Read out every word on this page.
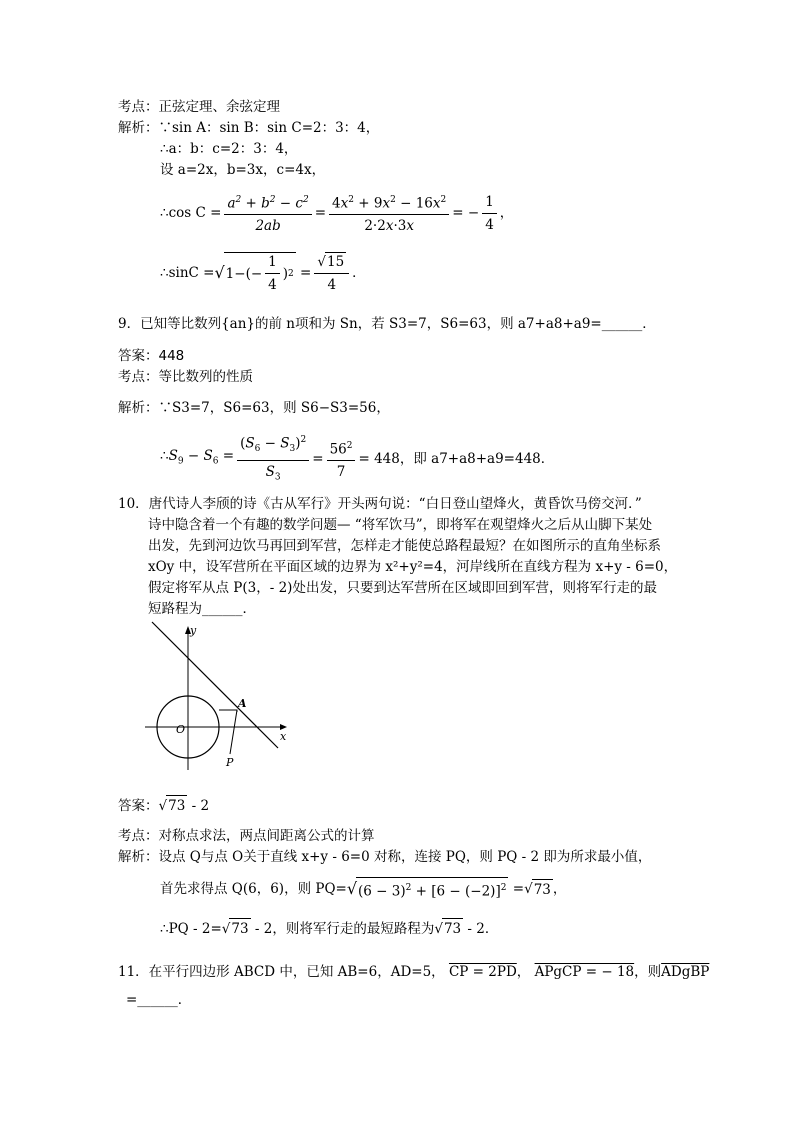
考点：正弦定理、余弦定理
解析：∵sin A：sin B：sin C=2：3：4，
∴a：b：c=2：3：4，
设 a=2x，b=3x，c=4x，
∴cos $C = \frac{a^2 + b^2 - c^2}{2ab} = \frac{4x^2 + 9x^2 - 16x^2}{2\cdot 2x\cdot 3x}$ = − $\frac{1}{4}$ ，
∴sinC = √ $1-(- \frac{1}{4}$ ) $2 = \frac{√15}{4}$ ．
9．已知等比数列{an}的前 n项和为 Sn，若 S3=7，S6=63，则 a7+a8+a9=______．
答案：448
考点：等比数列的性质
解析：∵S3=7，S6=63，则 S6−S3=56，
$\therefore S_9 - S_6 = \frac{(S_6 - S_3)^2}{S_3} = \frac{56^2}{7} = 448$，即 a7+a8+a9=448．
10．唐代诗人李颀的诗《古从军行》开头两句说：“白日登山望烽火，黄昏饮马傍交河．”
诗中隐含着一个有趣的数学问题— “将军饮马”，即将军在观望烽火之后从山脚下某处
出发，先到河边饮马再回到军营，怎样走才能使总路程最短？在如图所示的直角坐标系
xOy 中，设军营所在平面区域的边界为 x²+y²=4，河岸线所在直线方程为 x+y - 6=0，
假定将军从点 P(3，- 2)处出发，只要到达军营所在区域即回到军营，则将军行走的最
短路程为______．
y
x
O
A
P
答案：√73 - 2
考点：对称点求法，两点间距离公式的计算
解析：设点 Q与点 O关于直线 x+y - 6=0 对称，连接 PQ，则 PQ - 2 即为所求最小值，
首先求得点 Q(6，6)，则 PQ= √ $(6 - 3)^2 + [6 - (-2)]^2$ = √ 73 ，
∴PQ - 2=√73 - 2，则将军行走的最短路程为√73 - 2．
11．在平行四边形 ABCD 中，已知 AB=6，AD=5， CP = 2PD， APgCP = − 18，则ADgBP
=______．
